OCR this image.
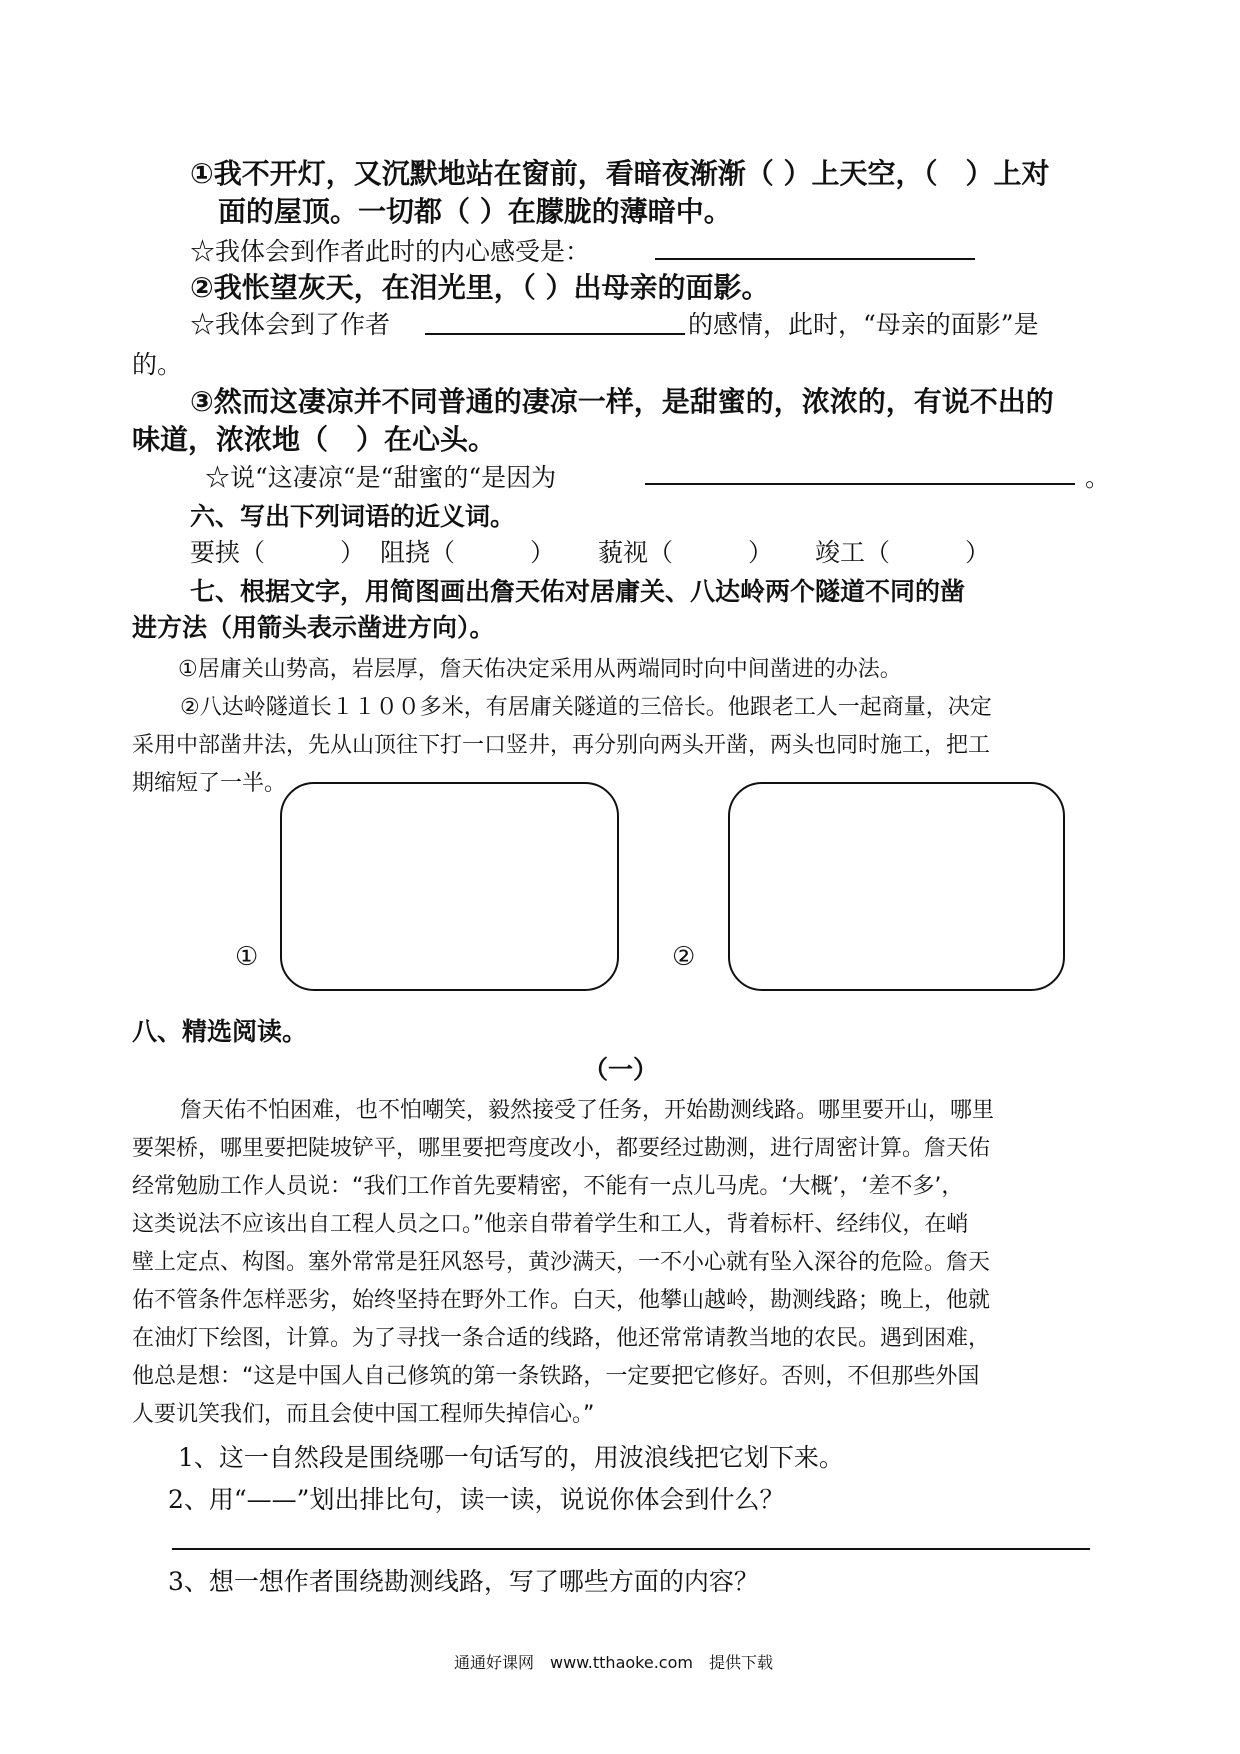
①我不开灯，又沉默地站在窗前，看暗夜渐渐（ ）上天空，（　）上对
面的屋顶。一切都（ ）在朦胧的薄暗中。
☆我体会到作者此时的内心感受是：
②我怅望灰天，在泪光里，（ ）出母亲的面影。
☆我体会到了作者	的感情，此时，“母亲的面影”是
的。
③然而这凄凉并不同普通的凄凉一样，是甜蜜的，浓浓的，有说不出的
味道，浓浓地（　）在心头。
☆说“这凄凉“是“甜蜜的“是因为	。
六、写出下列词语的近义词。
要挟（　　　） 阻挠（　　　） 藐视（　　　） 竣工（　　　）
七、根据文字，用简图画出詹天佑对居庸关、八达岭两个隧道不同的凿
进方法（用箭头表示凿进方向）。
①居庸关山势高，岩层厚，詹天佑决定采用从两端同时向中间凿进的办法。
②八达岭隧道长１１００多米，有居庸关隧道的三倍长。他跟老工人一起商量，决定
采用中部凿井法，先从山顶往下打一口竖井，再分别向两头开凿，两头也同时施工，把工
期缩短了一半。
①	②
八、精选阅读。
（一）
詹天佑不怕困难，也不怕嘲笑，毅然接受了任务，开始勘测线路。哪里要开山，哪里
要架桥，哪里要把陡坡铲平，哪里要把弯度改小，都要经过勘测，进行周密计算。詹天佑
经常勉励工作人员说：“我们工作首先要精密，不能有一点儿马虎。‘大概’，‘差不多’，
这类说法不应该出自工程人员之口。”他亲自带着学生和工人，背着标杆、经纬仪，在峭
壁上定点、构图。塞外常常是狂风怒号，黄沙满天，一不小心就有坠入深谷的危险。詹天
佑不管条件怎样恶劣，始终坚持在野外工作。白天，他攀山越岭，勘测线路；晚上，他就
在油灯下绘图，计算。为了寻找一条合适的线路，他还常常请教当地的农民。遇到困难，
他总是想：“这是中国人自己修筑的第一条铁路，一定要把它修好。否则，不但那些外国
人要讥笑我们，而且会使中国工程师失掉信心。”
1、这一自然段是围绕哪一句话写的，用波浪线把它划下来。
2、用“——”划出排比句，读一读，说说你体会到什么？
3、想一想作者围绕勘测线路，写了哪些方面的内容？
通通好课网　www.tthaoke.com　提供下载
